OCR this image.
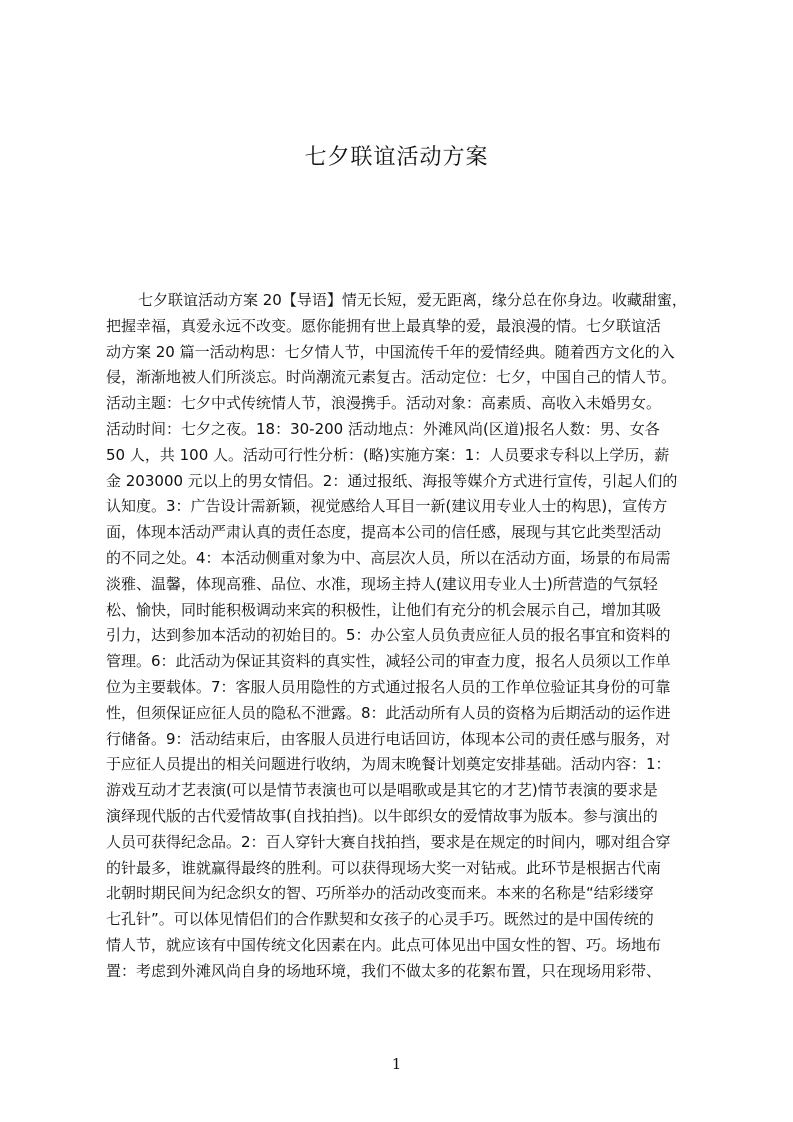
七夕联谊活动方案

七夕联谊活动方案 20【导语】情无长短，爱无距离，缘分总在你身边。收藏甜蜜，

把握幸福，真爱永远不改变。愿你能拥有世上最真挚的爱，最浪漫的情。七夕联谊活

动方案 20 篇一活动构思：七夕情人节，中国流传千年的爱情经典。随着西方文化的入

侵，渐渐地被人们所淡忘。时尚潮流元素复古。活动定位：七夕，中国自己的情人节。

活动主题：七夕中式传统情人节，浪漫携手。活动对象：高素质、高收入未婚男女。

活动时间：七夕之夜。18：30-200 活动地点：外滩风尚(区道)报名人数：男、女各

50 人，共 100 人。活动可行性分析：(略)实施方案：1：人员要求专科以上学历，薪

金 203000 元以上的男女情侣。2：通过报纸、海报等媒介方式进行宣传，引起人们的

认知度。3：广告设计需新颖，视觉感给人耳目一新(建议用专业人士的构思)，宣传方

面，体现本活动严肃认真的责任态度，提高本公司的信任感，展现与其它此类型活动

的不同之处。4：本活动侧重对象为中、高层次人员，所以在活动方面，场景的布局需

淡雅、温馨，体现高雅、品位、水准，现场主持人(建议用专业人士)所营造的气氛轻

松、愉快，同时能积极调动来宾的积极性，让他们有充分的机会展示自己，增加其吸

引力，达到参加本活动的初始目的。5：办公室人员负责应征人员的报名事宜和资料的

管理。6：此活动为保证其资料的真实性，减轻公司的审查力度，报名人员须以工作单

位为主要载体。7：客服人员用隐性的方式通过报名人员的工作单位验证其身份的可靠

性，但须保证应征人员的隐私不泄露。8：此活动所有人员的资格为后期活动的运作进

行储备。9：活动结束后，由客服人员进行电话回访，体现本公司的责任感与服务，对

于应征人员提出的相关问题进行收纳，为周末晚餐计划奠定安排基础。活动内容：1：

游戏互动才艺表演(可以是情节表演也可以是唱歌或是其它的才艺)情节表演的要求是

演绎现代版的古代爱情故事(自找拍挡)。以牛郎织女的爱情故事为版本。参与演出的

人员可获得纪念品。2：百人穿针大赛自找拍挡，要求是在规定的时间内，哪对组合穿

的针最多，谁就赢得最终的胜利。可以获得现场大奖一对钻戒。此环节是根据古代南

北朝时期民间为纪念织女的智、巧所举办的活动改变而来。本来的名称是“结彩缕穿

七孔针”。可以体见情侣们的合作默契和女孩子的心灵手巧。既然过的是中国传统的

情人节，就应该有中国传统文化因素在内。此点可体见出中国女性的智、巧。场地布

置：考虑到外滩风尚自身的场地环境，我们不做太多的花絮布置，只在现场用彩带、

1
